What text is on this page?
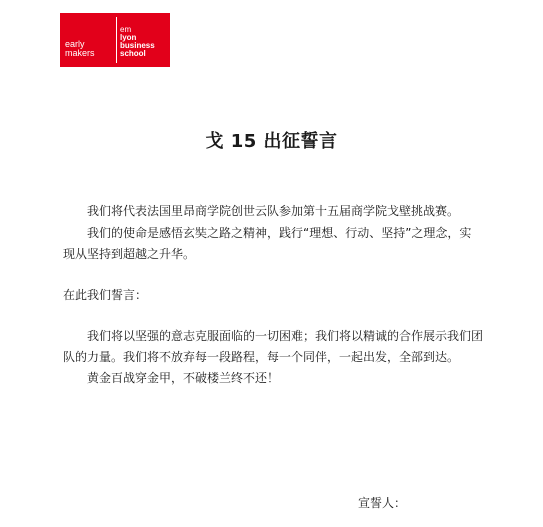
early
makers
em
lyon
business
school
戈 15 出征誓言
我们将代表法国里昂商学院创世云队参加第十五届商学院戈壁挑战赛。
我们的使命是感悟玄奘之路之精神，践行“理想、行动、坚持”之理念，实现从坚持到超越之升华。
在此我们誓言：
我们将以坚强的意志克服面临的一切困难；我们将以精诚的合作展示我们团队的力量。我们将不放弃每一段路程，每一个同伴，一起出发，全部到达。
黄金百战穿金甲，不破楼兰终不还！
宣誓人：
